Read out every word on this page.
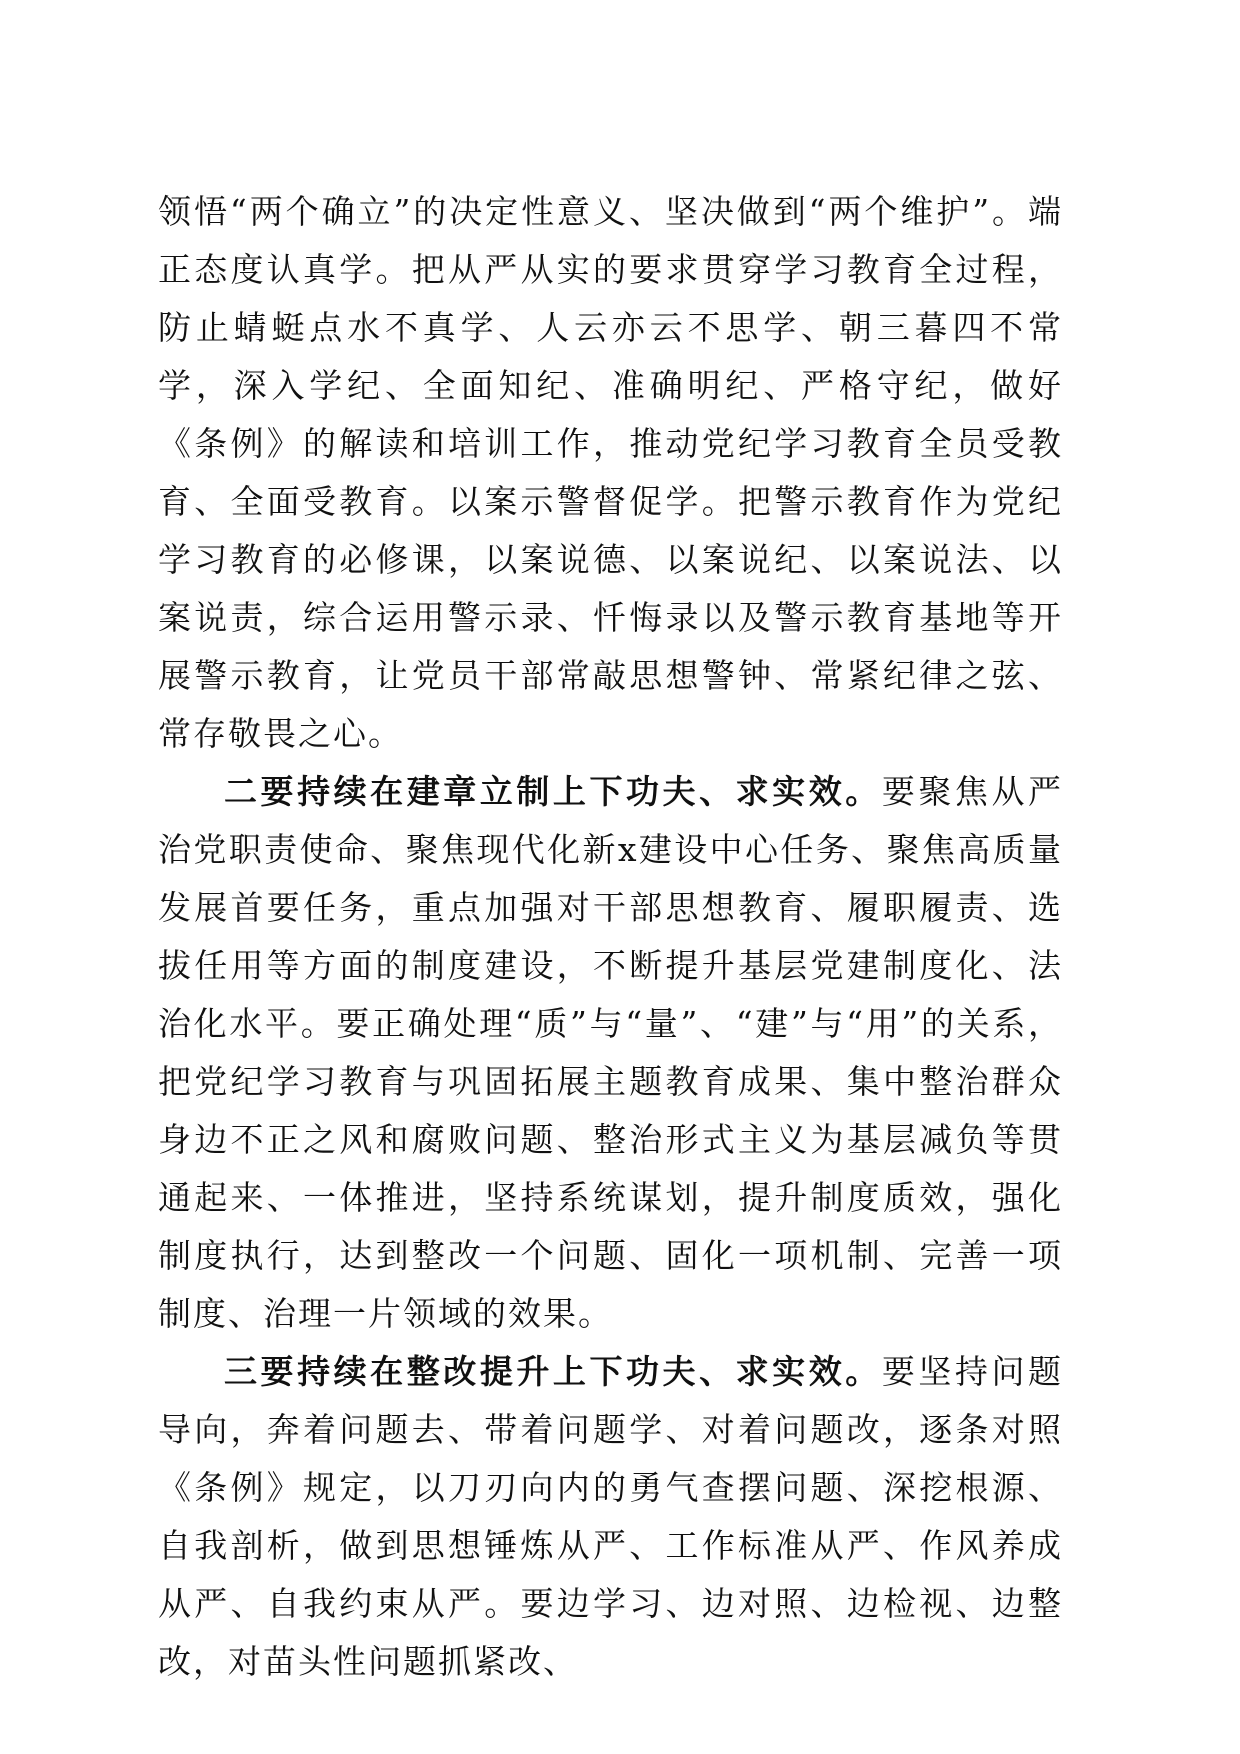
领悟“两个确立”的决定性意义、坚决做到“两个维护”。端正态度认真学。把从严从实的要求贯穿学习教育全过程，防止蜻蜓点水不真学、人云亦云不思学、朝三暮四不常学，深入学纪、全面知纪、准确明纪、严格守纪，做好《条例》的解读和培训工作，推动党纪学习教育全员受教育、全面受教育。以案示警督促学。把警示教育作为党纪学习教育的必修课，以案说德、以案说纪、以案说法、以案说责，综合运用警示录、忏悔录以及警示教育基地等开展警示教育，让党员干部常敲思想警钟、常紧纪律之弦、常存敬畏之心。

二要持续在建章立制上下功夫、求实效。要聚焦从严治党职责使命、聚焦现代化新x建设中心任务、聚焦高质量发展首要任务，重点加强对干部思想教育、履职履责、选拔任用等方面的制度建设，不断提升基层党建制度化、法治化水平。要正确处理“质”与“量”、“建”与“用”的关系，把党纪学习教育与巩固拓展主题教育成果、集中整治群众身边不正之风和腐败问题、整治形式主义为基层减负等贯通起来、一体推进，坚持系统谋划，提升制度质效，强化制度执行，达到整改一个问题、固化一项机制、完善一项制度、治理一片领域的效果。

三要持续在整改提升上下功夫、求实效。要坚持问题导向，奔着问题去、带着问题学、对着问题改，逐条对照《条例》规定，以刀刃向内的勇气查摆问题、深挖根源、自我剖析，做到思想锤炼从严、工作标准从严、作风养成从严、自我约束从严。要边学习、边对照、边检视、边整改，对苗头性问题抓紧改、
